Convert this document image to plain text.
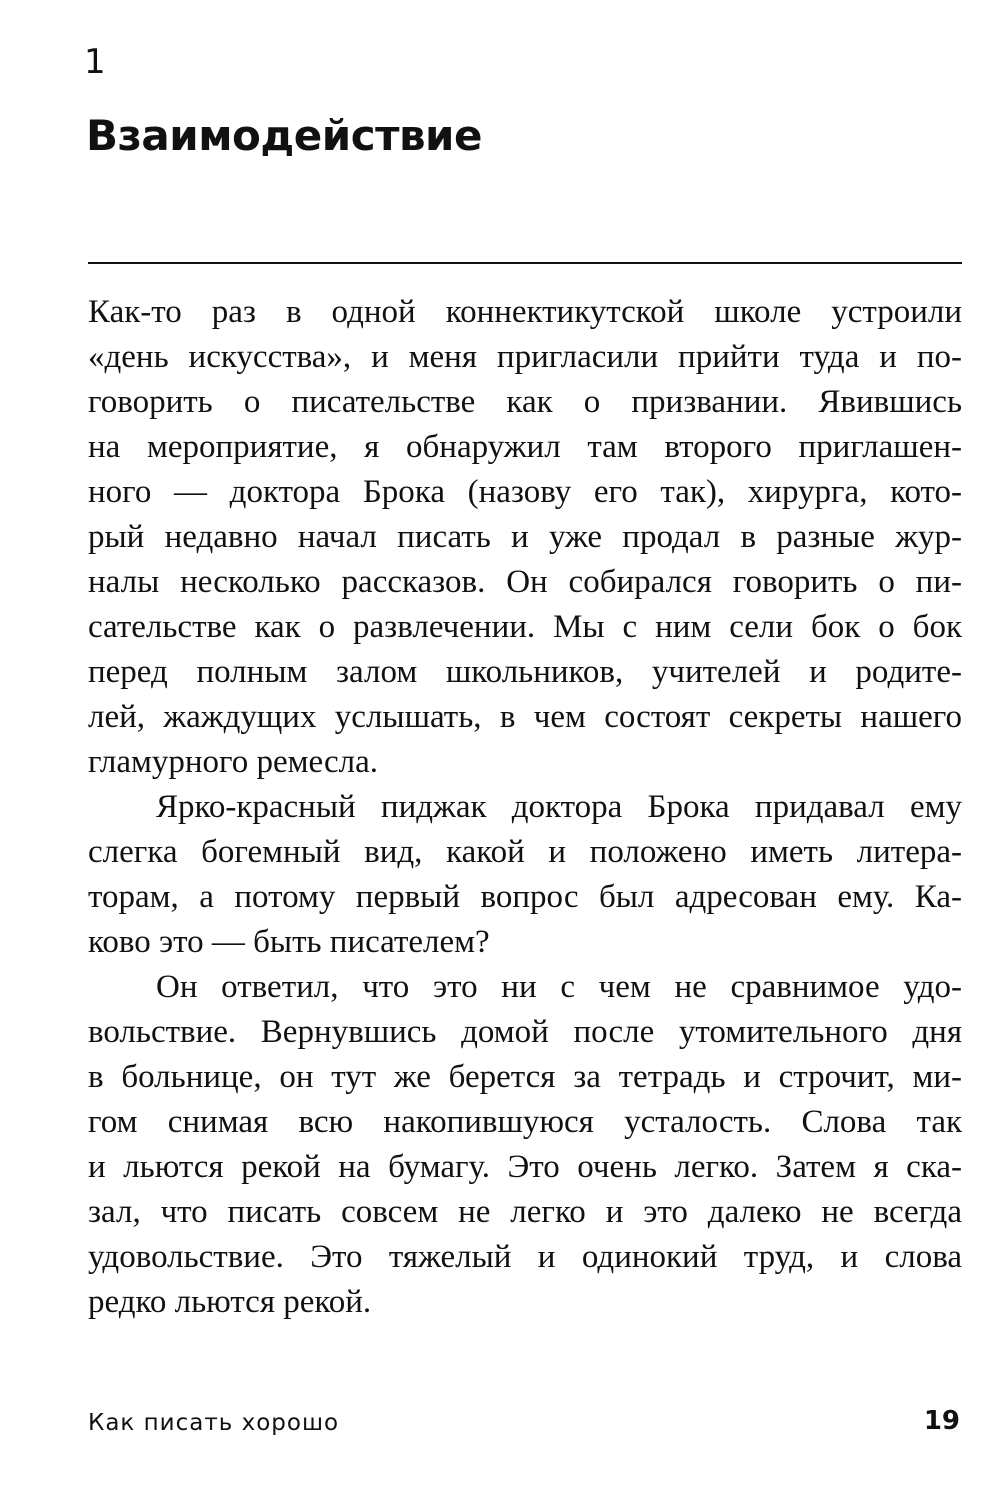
1
Взаимодействие
Как-то раз в одной коннектикутской школе устроили
«день искусства», и меня пригласили прийти туда и по-
говорить о писательстве как о призвании. Явившись
на мероприятие, я обнаружил там второго приглашен-
ного — доктора Брока (назову его так), хирурга, кото-
рый недавно начал писать и уже продал в разные жур-
налы несколько рассказов. Он собирался говорить о пи-
сательстве как о развлечении. Мы с ним сели бок о бок
перед полным залом школьников, учителей и родите-
лей, жаждущих услышать, в чем состоят секреты нашего
гламурного ремесла.
Ярко-красный пиджак доктора Брока придавал ему
слегка богемный вид, какой и положено иметь литера-
торам, а потому первый вопрос был адресован ему. Ка-
ково это — быть писателем?
Он ответил, что это ни с чем не сравнимое удо-
вольствие. Вернувшись домой после утомительного дня
в больнице, он тут же берется за тетрадь и строчит, ми-
гом снимая всю накопившуюся усталость. Слова так
и льются рекой на бумагу. Это очень легко. Затем я ска-
зал, что писать совсем не легко и это далеко не всегда
удовольствие. Это тяжелый и одинокий труд, и слова
редко льются рекой.
Как писать хорошо	19
